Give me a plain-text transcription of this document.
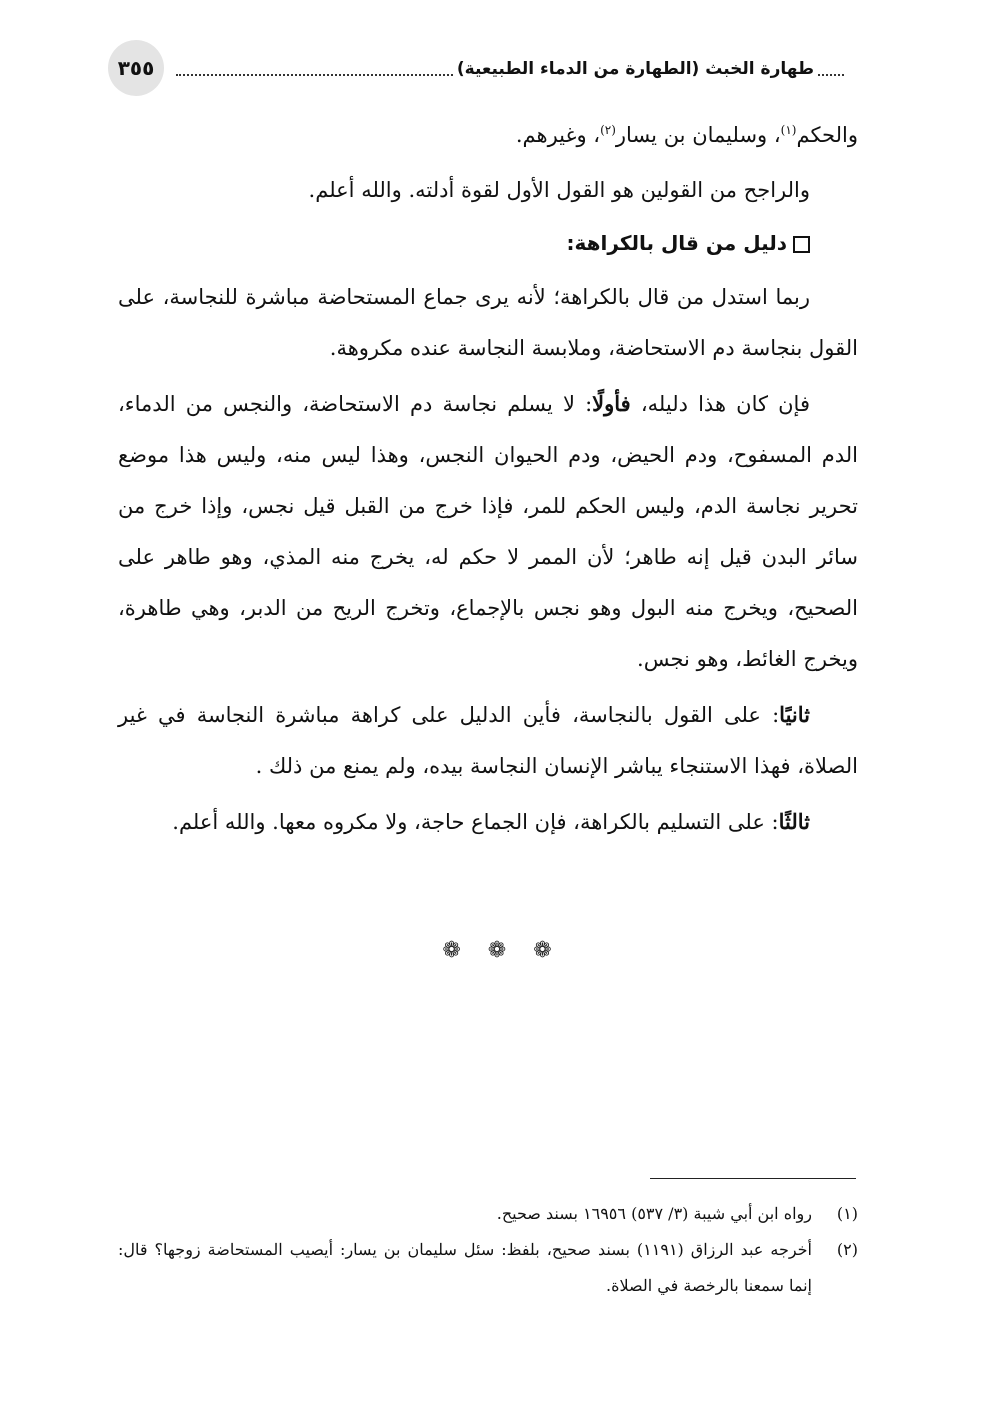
٣٥٥	طهارة الخبث (الطهارة من الدماء الطبيعية)

والحكم$^{(١)}$، وسليمان بن يسار$^{(٢)}$، وغيرهم.

والراجح من القولين هو القول الأول لقوة أدلته. والله أعلم.

دليل من قال بالكراهة:

ربما استدل من قال بالكراهة؛ لأنه يرى جماع المستحاضة مباشرة للنجاسة، على القول بنجاسة دم الاستحاضة، وملابسة النجاسة عنده مكروهة.

فإن كان هذا دليله، فأولًا: لا يسلم نجاسة دم الاستحاضة، والنجس من الدماء، الدم المسفوح، ودم الحيض، ودم الحيوان النجس، وهذا ليس منه، وليس هذا موضع تحرير نجاسة الدم، وليس الحكم للمر، فإذا خرج من القبل قيل نجس، وإذا خرج من سائر البدن قيل إنه طاهر؛ لأن الممر لا حكم له، يخرج منه المذي، وهو طاهر على الصحيح، ويخرج منه البول وهو نجس بالإجماع، وتخرج الريح من الدبر، وهي طاهرة، ويخرج الغائط، وهو نجس.

ثانيًا: على القول بالنجاسة، فأين الدليل على كراهة مباشرة النجاسة في غير الصلاة، فهذا الاستنجاء يباشر الإنسان النجاسة بيده، ولم يمنع من ذلك .

ثالثًا: على التسليم بالكراهة، فإن الجماع حاجة، ولا مكروه معها. والله أعلم.

❁ ❁ ❁
(١)
رواه ابن أبي شيبة (٣/ ٥٣٧) ١٦٩٥٦ بسند صحيح.
(٢)
أخرجه عبد الرزاق (١١٩١) بسند صحيح، بلفظ: سئل سليمان بن يسار: أيصيب المستحاضة زوجها؟ قال: إنما سمعنا بالرخصة في الصلاة.
